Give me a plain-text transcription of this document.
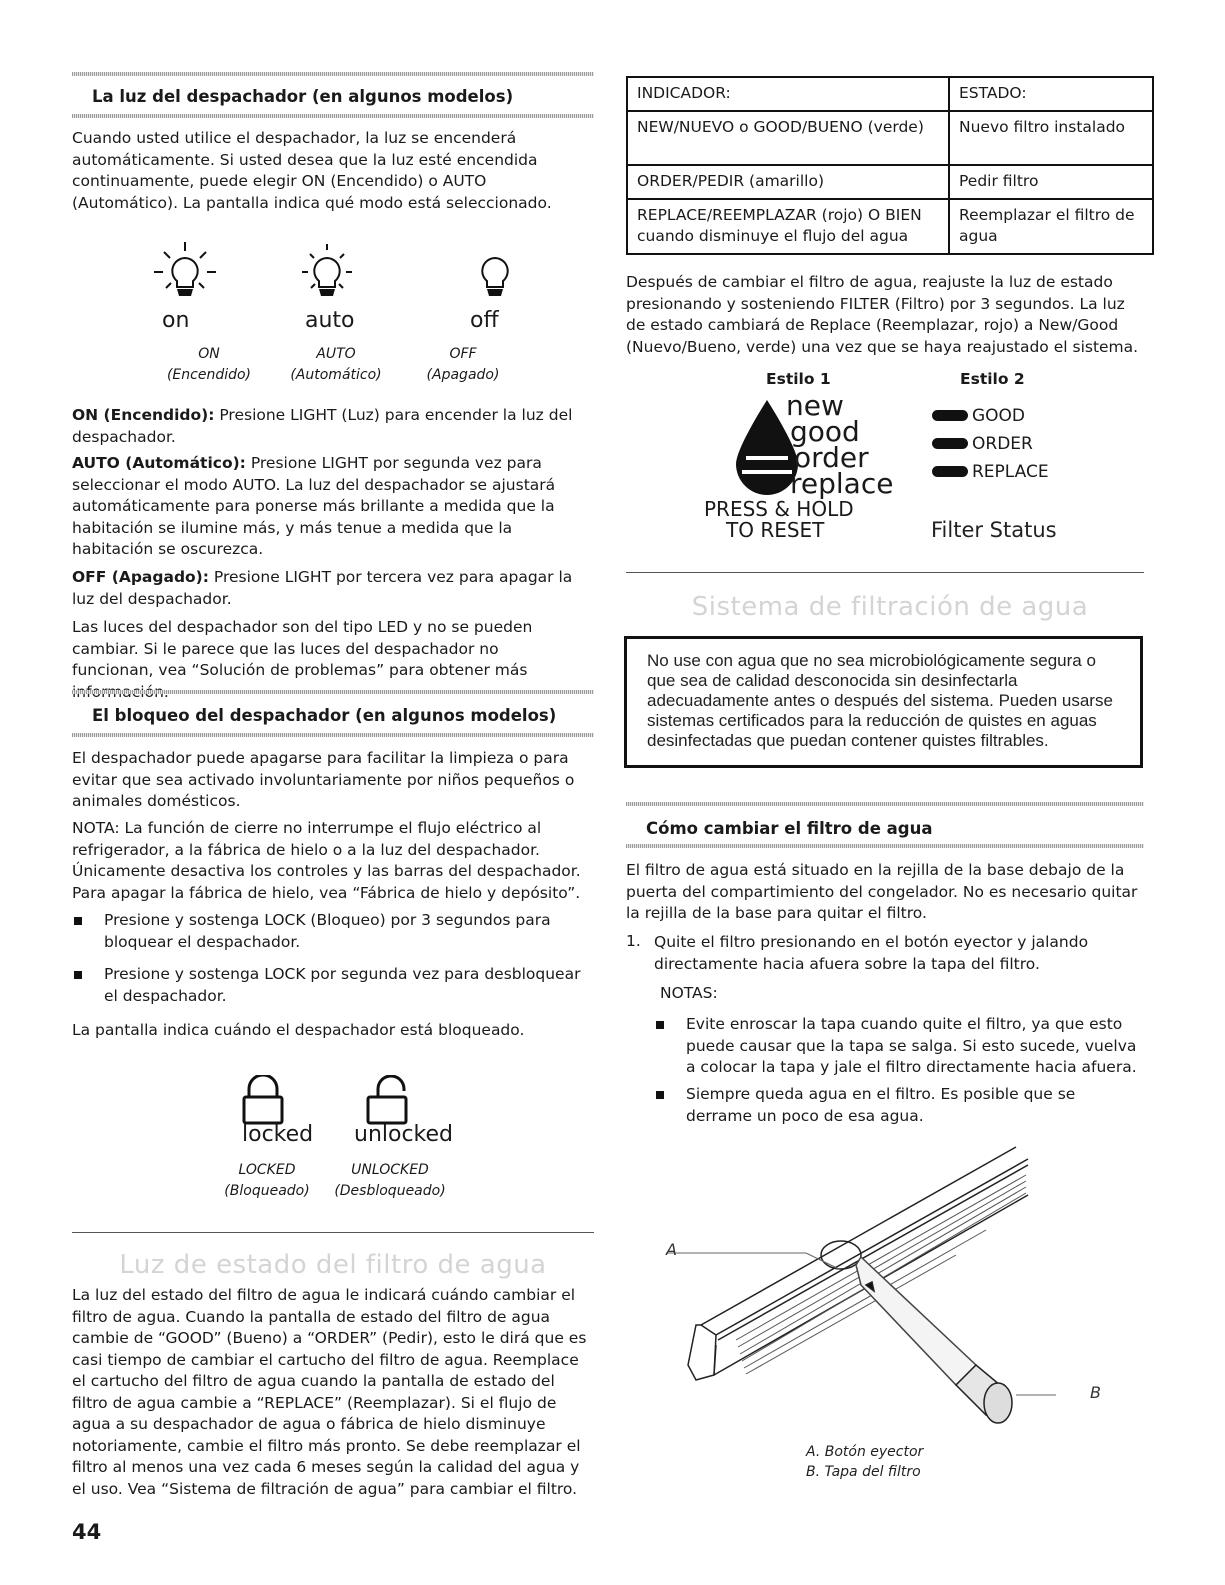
La luz del despachador (en algunos modelos)

Cuando usted utilice el despachador, la luz se encenderá automáticamente. Si usted desea que la luz esté encendida continuamente, puede elegir ON (Encendido) o AUTO (Automático). La pantalla indica qué modo está seleccionado.

on	auto	off
ON
(Encendido)
AUTO
(Automático)
OFF
(Apagado)

ON (Encendido): Presione LIGHT (Luz) para encender la luz del despachador.

AUTO (Automático): Presione LIGHT por segunda vez para seleccionar el modo AUTO. La luz del despachador se ajustará automáticamente para ponerse más brillante a medida que la habitación se ilumine más, y más tenue a medida que la habitación se oscurezca.

OFF (Apagado): Presione LIGHT por tercera vez para apagar la luz del despachador.

Las luces del despachador son del tipo LED y no se pueden cambiar. Si le parece que las luces del despachador no funcionan, vea “Solución de problemas” para obtener más

El bloqueo del despachador (en algunos modelos)

El despachador puede apagarse para facilitar la limpieza o para evitar que sea activado involuntariamente por niños pequeños o animales domésticos.

NOTA: La función de cierre no interrumpe el flujo eléctrico al refrigerador, a la fábrica de hielo o a la luz del despachador. Únicamente desactiva los controles y las barras del despachador. Para apagar la fábrica de hielo, vea “Fábrica de hielo y depósito”.

Presione y sostenga LOCK (Bloqueo) por 3 segundos para bloquear el despachador.

Presione y sostenga LOCK por segunda vez para desbloquear el despachador.

La pantalla indica cuándo el despachador está bloqueado.

locked unlocked
LOCKED
(Bloqueado)
UNLOCKED
(Desbloqueado)
Luz de estado del filtro de agua

La luz del estado del filtro de agua le indicará cuándo cambiar el filtro de agua. Cuando la pantalla de estado del filtro de agua cambie de “GOOD” (Bueno) a “ORDER” (Pedir), esto le dirá que es casi tiempo de cambiar el cartucho del filtro de agua. Reemplace el cartucho del filtro de agua cuando la pantalla de estado del filtro de agua cambie a “REPLACE” (Reemplazar). Si el flujo de agua a su despachador de agua o fábrica de hielo disminuye notoriamente, cambie el filtro más pronto. Se debe reemplazar el filtro al menos una vez cada 6 meses según la calidad del agua y el uso. Vea “Sistema de filtración de agua” para cambiar el filtro.

44
INDICADOR:	ESTADO:
NEW/NUEVO o GOOD/BUENO (verde)	Nuevo filtro instalado
ORDER/PEDIR (amarillo)	Pedir filtro
REPLACE/REEMPLAZAR (rojo) O BIEN cuando disminuye el flujo del agua	Reemplazar el filtro de agua

Después de cambiar el filtro de agua, reajuste la luz de estado presionando y sosteniendo FILTER (Filtro) por 3 segundos. La luz de estado cambiará de Replace (Reemplazar, rojo) a New/Good (Nuevo/Bueno, verde) una vez que se haya reajustado el sistema.

Estilo 1	Estilo 2
new
good
order
replace
PRESS & HOLD
TO RESET
GOOD
ORDER
REPLACE
Filter Status
Sistema de filtración de agua
No use con agua que no sea microbiológicamente segura o que sea de calidad desconocida sin desinfectarla adecuadamente antes o después del sistema. Pueden usarse sistemas certificados para la reducción de quistes en aguas desinfectadas que puedan contener quistes filtrables.
Cómo cambiar el filtro de agua

El filtro de agua está situado en la rejilla de la base debajo de la puerta del compartimiento del congelador. No es necesario quitar la rejilla de la base para quitar el filtro.

1. Quite el filtro presionando en el botón eyector y jalando directamente hacia afuera sobre la tapa del filtro.

NOTAS:

Evite enroscar la tapa cuando quite el filtro, ya que esto puede causar que la tapa se salga. Si esto sucede, vuelva a colocar la tapa y jale el filtro directamente hacia afuera.

Siempre queda agua en el filtro. Es posible que se derrame un poco de esa agua.

A
B
A. Botón eyector
B. Tapa del filtro
